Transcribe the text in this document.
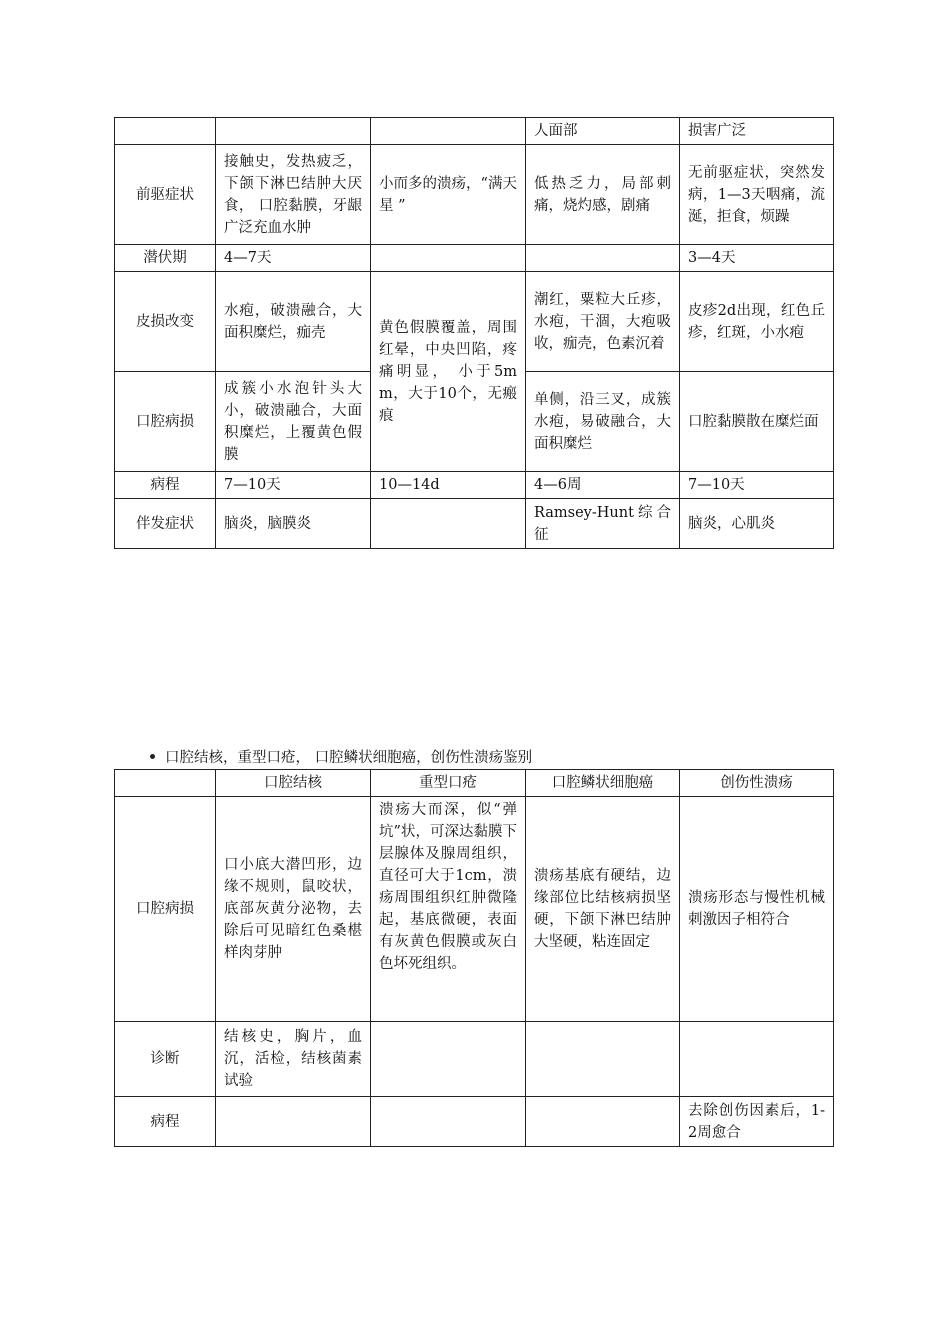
			人面部	损害广泛
前驱症状	接触史，发热疲乏，下颌下淋巴结肿大厌食， 口腔黏膜，牙龈广泛充血水肿	小而多的溃疡，“满天星 ”	低热乏力，局部刺痛，烧灼感，剧痛	无前驱症状，突然发病，1—3天咽痛，流涎，拒食，烦躁
潜伏期	4—7天			3—4天
皮损改变	水疱，破溃融合，大面积糜烂，痂壳	黄色假膜覆盖，周围红晕，中央凹陷，疼痛明显， 小于5mm，大于10个，无瘢痕	潮红，粟粒大丘疹，水疱，干涸，大疱吸收，痂壳，色素沉着	皮疹2d出现，红色丘疹，红斑，小水疱
口腔病损	成簇小水泡针头大小，破溃融合，大面积糜烂，上覆黄色假膜		单侧，沿三叉，成簇水疱，易破融合，大面积糜烂	口腔黏膜散在糜烂面
病程	7—10天	10—14d	4—6周	7—10天
伴发症状	脑炎，脑膜炎		Ramsey-Hunt综合征	脑炎，心肌炎
口腔结核，重型口疮， 口腔鳞状细胞癌，创伤性溃疡鉴别
	口腔结核	重型口疮	口腔鳞状细胞癌	创伤性溃疡
口腔病损	口小底大潜凹形，边缘不规则，鼠咬状，底部灰黄分泌物，去除后可见暗红色桑椹样肉芽肿	溃疡大而深，似“弹坑”状，可深达黏膜下层腺体及腺周组织， 直径可大于1cm，溃疡周围组织红肿微隆起，基底微硬，表面有灰黄色假膜或灰白色坏死组织。	溃疡基底有硬结，边缘部位比结核病损坚硬，下颌下淋巴结肿大坚硬，粘连固定	溃疡形态与慢性机械刺激因子相符合
诊断	结核史，胸片，血沉，活检，结核菌素试验			
病程				去除创伤因素后，1-2周愈合
